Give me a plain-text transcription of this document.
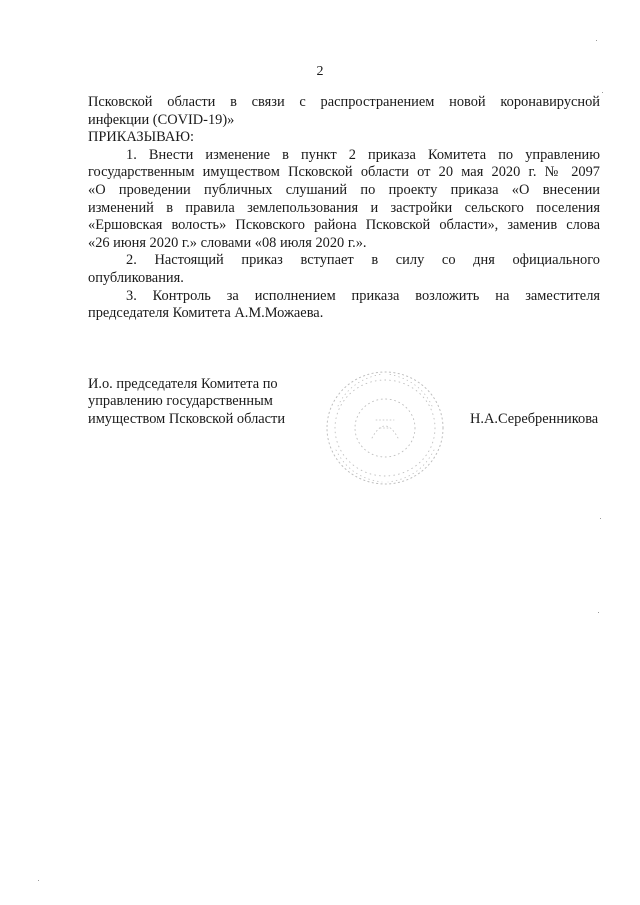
2
Псковской области в связи с распространением новой коронавирусной
инфекции (COVID-19)»
ПРИКАЗЫВАЮ:
1. Внести изменение в пункт 2 приказа Комитета по управлению
государственным имуществом Псковской области от 20 мая 2020 г. № 2097
«О проведении публичных слушаний по проекту приказа «О внесении
изменений в правила землепользования и застройки сельского поселения
«Ершовская волость» Псковского района Псковской области», заменив слова
«26 июня 2020 г.» словами «08 июля 2020 г.».
2. Настоящий приказ вступает в силу со дня официального
опубликования.
3. Контроль за исполнением приказа возложить на заместителя
председателя Комитета А.М.Можаева.
И.о. председателя Комитета по
управлению государственным
имуществом Псковской области	Н.А.Серебренникова
